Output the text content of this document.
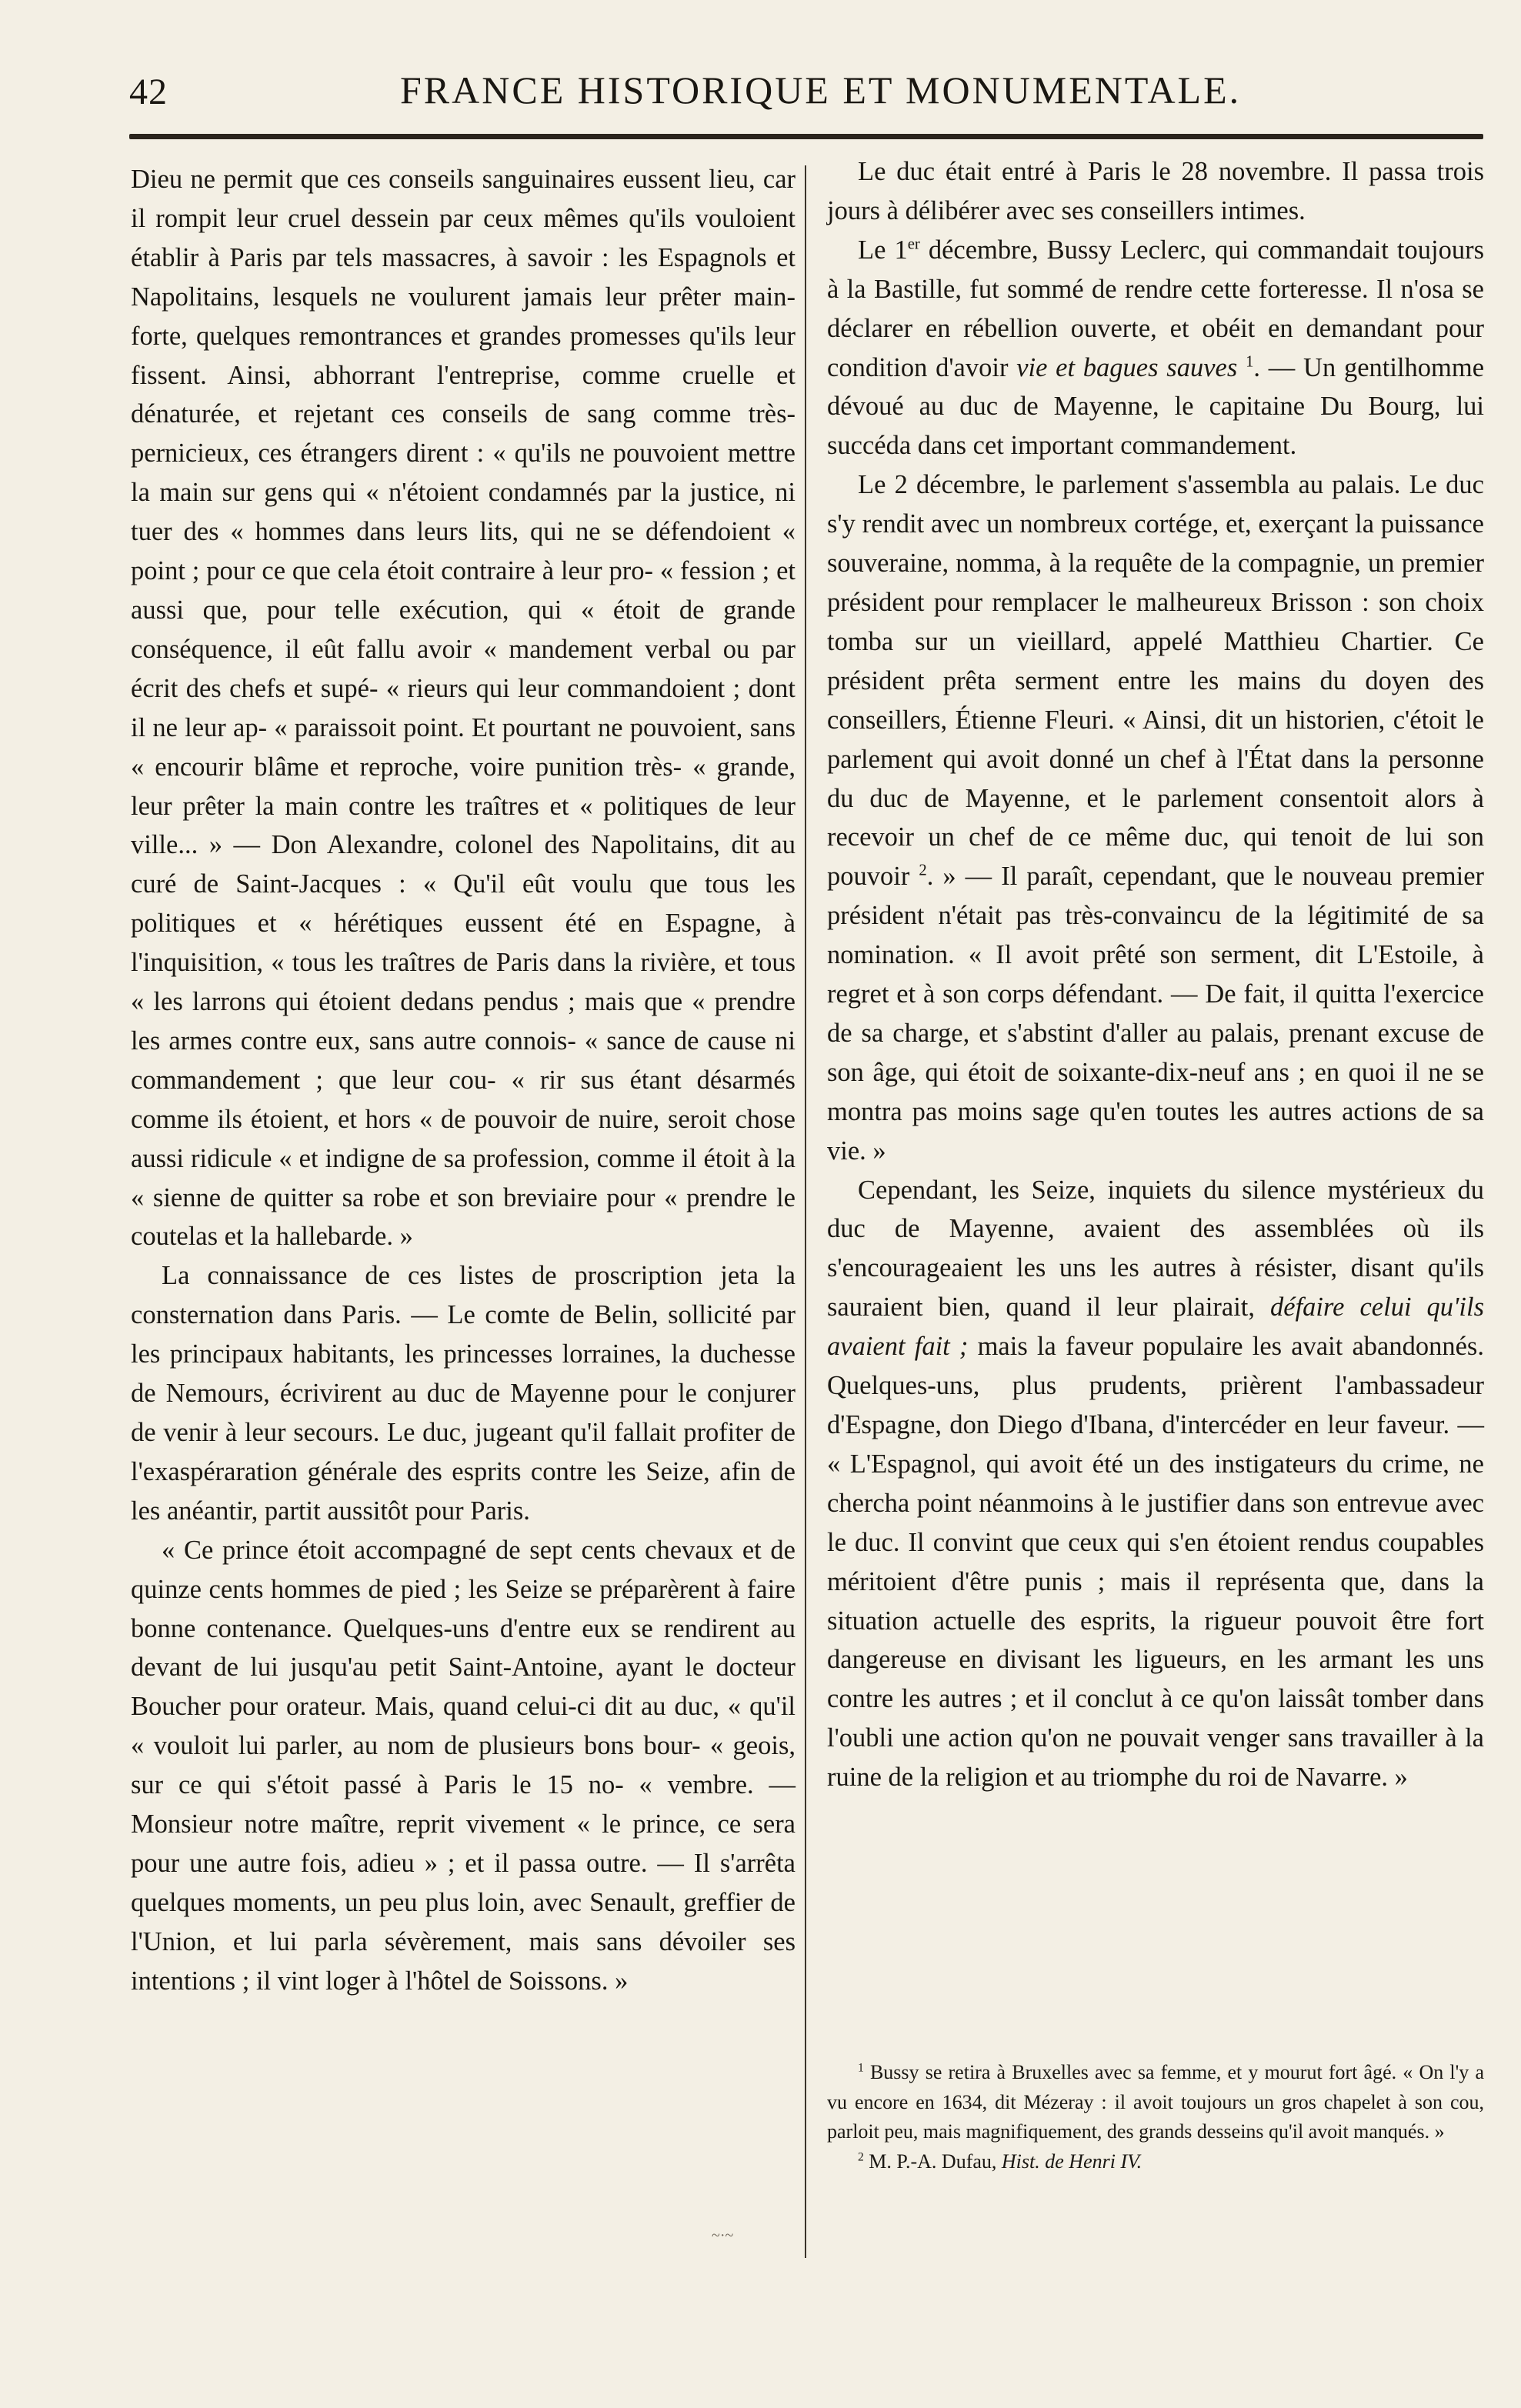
42	FRANCE HISTORIQUE ET MONUMENTALE.

Dieu ne permit que ces conseils sanguinaires eussent lieu, car il rompit leur cruel dessein par ceux mêmes qu'ils vouloient établir à Paris par tels massacres, à savoir : les Espagnols et Napolitains, lesquels ne voulurent jamais leur prêter main-forte, quelques remontrances et grandes promesses qu'ils leur fissent. Ainsi, abhorrant l'entreprise, comme cruelle et dénaturée, et rejetant ces conseils de sang comme très-pernicieux, ces étrangers dirent : « qu'ils ne pouvoient mettre la main sur gens qui « n'étoient condamnés par la justice, ni tuer des « hommes dans leurs lits, qui ne se défendoient « point ; pour ce que cela étoit contraire à leur pro- « fession ; et aussi que, pour telle exécution, qui « étoit de grande conséquence, il eût fallu avoir « mandement verbal ou par écrit des chefs et supé- « rieurs qui leur commandoient ; dont il ne leur ap- « paraissoit point. Et pourtant ne pouvoient, sans « encourir blâme et reproche, voire punition très- « grande, leur prêter la main contre les traîtres et « politiques de leur ville... » — Don Alexandre, colonel des Napolitains, dit au curé de Saint-Jacques : « Qu'il eût voulu que tous les politiques et « hérétiques eussent été en Espagne, à l'inquisition, « tous les traîtres de Paris dans la rivière, et tous « les larrons qui étoient dedans pendus ; mais que « prendre les armes contre eux, sans autre connois- « sance de cause ni commandement ; que leur cou- « rir sus étant désarmés comme ils étoient, et hors « de pouvoir de nuire, seroit chose aussi ridicule « et indigne de sa profession, comme il étoit à la « sienne de quitter sa robe et son breviaire pour « prendre le coutelas et la hallebarde. »

La connaissance de ces listes de proscription jeta la consternation dans Paris. — Le comte de Belin, sollicité par les principaux habitants, les princesses lorraines, la duchesse de Nemours, écrivirent au duc de Mayenne pour le conjurer de venir à leur secours. Le duc, jugeant qu'il fallait profiter de l'exaspéraration générale des esprits contre les Seize, afin de les anéantir, partit aussitôt pour Paris.

« Ce prince étoit accompagné de sept cents chevaux et de quinze cents hommes de pied ; les Seize se préparèrent à faire bonne contenance. Quelques-uns d'entre eux se rendirent au devant de lui jusqu'au petit Saint-Antoine, ayant le docteur Boucher pour orateur. Mais, quand celui-ci dit au duc, « qu'il « vouloit lui parler, au nom de plusieurs bons bour- « geois, sur ce qui s'étoit passé à Paris le 15 no- « vembre. — Monsieur notre maître, reprit vivement « le prince, ce sera pour une autre fois, adieu » ; et il passa outre. — Il s'arrêta quelques moments, un peu plus loin, avec Senault, greffier de l'Union, et lui parla sévèrement, mais sans dévoiler ses intentions ; il vint loger à l'hôtel de Soissons. »

Le duc était entré à Paris le 28 novembre. Il passa trois jours à délibérer avec ses conseillers intimes.

Le 1er décembre, Bussy Leclerc, qui commandait toujours à la Bastille, fut sommé de rendre cette forteresse. Il n'osa se déclarer en rébellion ouverte, et obéit en demandant pour condition d'avoir vie et bagues sauves $^1$. — Un gentilhomme dévoué au duc de Mayenne, le capitaine Du Bourg, lui succéda dans cet important commandement.

Le 2 décembre, le parlement s'assembla au palais. Le duc s'y rendit avec un nombreux cortége, et, exerçant la puissance souveraine, nomma, à la requête de la compagnie, un premier président pour remplacer le malheureux Brisson : son choix tomba sur un vieillard, appelé Matthieu Chartier. Ce président prêta serment entre les mains du doyen des conseillers, Étienne Fleuri. « Ainsi, dit un historien, c'étoit le parlement qui avoit donné un chef à l'État dans la personne du duc de Mayenne, et le parlement consentoit alors à recevoir un chef de ce même duc, qui tenoit de lui son pouvoir $^2$. » — Il paraît, cependant, que le nouveau premier président n'était pas très-convaincu de la légitimité de sa nomination. « Il avoit prêté son serment, dit L'Estoile, à regret et à son corps défendant. — De fait, il quitta l'exercice de sa charge, et s'abstint d'aller au palais, prenant excuse de son âge, qui étoit de soixante-dix-neuf ans ; en quoi il ne se montra pas moins sage qu'en toutes les autres actions de sa vie. »

Cependant, les Seize, inquiets du silence mystérieux du duc de Mayenne, avaient des assemblées où ils s'encourageaient les uns les autres à résister, disant qu'ils sauraient bien, quand il leur plairait, défaire celui qu'ils avaient fait ; mais la faveur populaire les avait abandonnés. Quelques-uns, plus prudents, prièrent l'ambassadeur d'Espagne, don Diego d'Ibana, d'intercéder en leur faveur. — « L'Espagnol, qui avoit été un des instigateurs du crime, ne chercha point néanmoins à le justifier dans son entrevue avec le duc. Il convint que ceux qui s'en étoient rendus coupables méritoient d'être punis ; mais il représenta que, dans la situation actuelle des esprits, la rigueur pouvoit être fort dangereuse en divisant les ligueurs, en les armant les uns contre les autres ; et il conclut à ce qu'on laissât tomber dans l'oubli une action qu'on ne pouvait venger sans travailler à la ruine de la religion et au triomphe du roi de Navarre. »

$^1$ Bussy se retira à Bruxelles avec sa femme, et y mourut fort âgé. « On l'y a vu encore en 1634, dit Mézeray : il avoit toujours un gros chapelet à son cou, parloit peu, mais magnifiquement, des grands desseins qu'il avoit manqués. »

$^2$ M. P.-A. Dufau, Hist. de Henri IV.

~·~
